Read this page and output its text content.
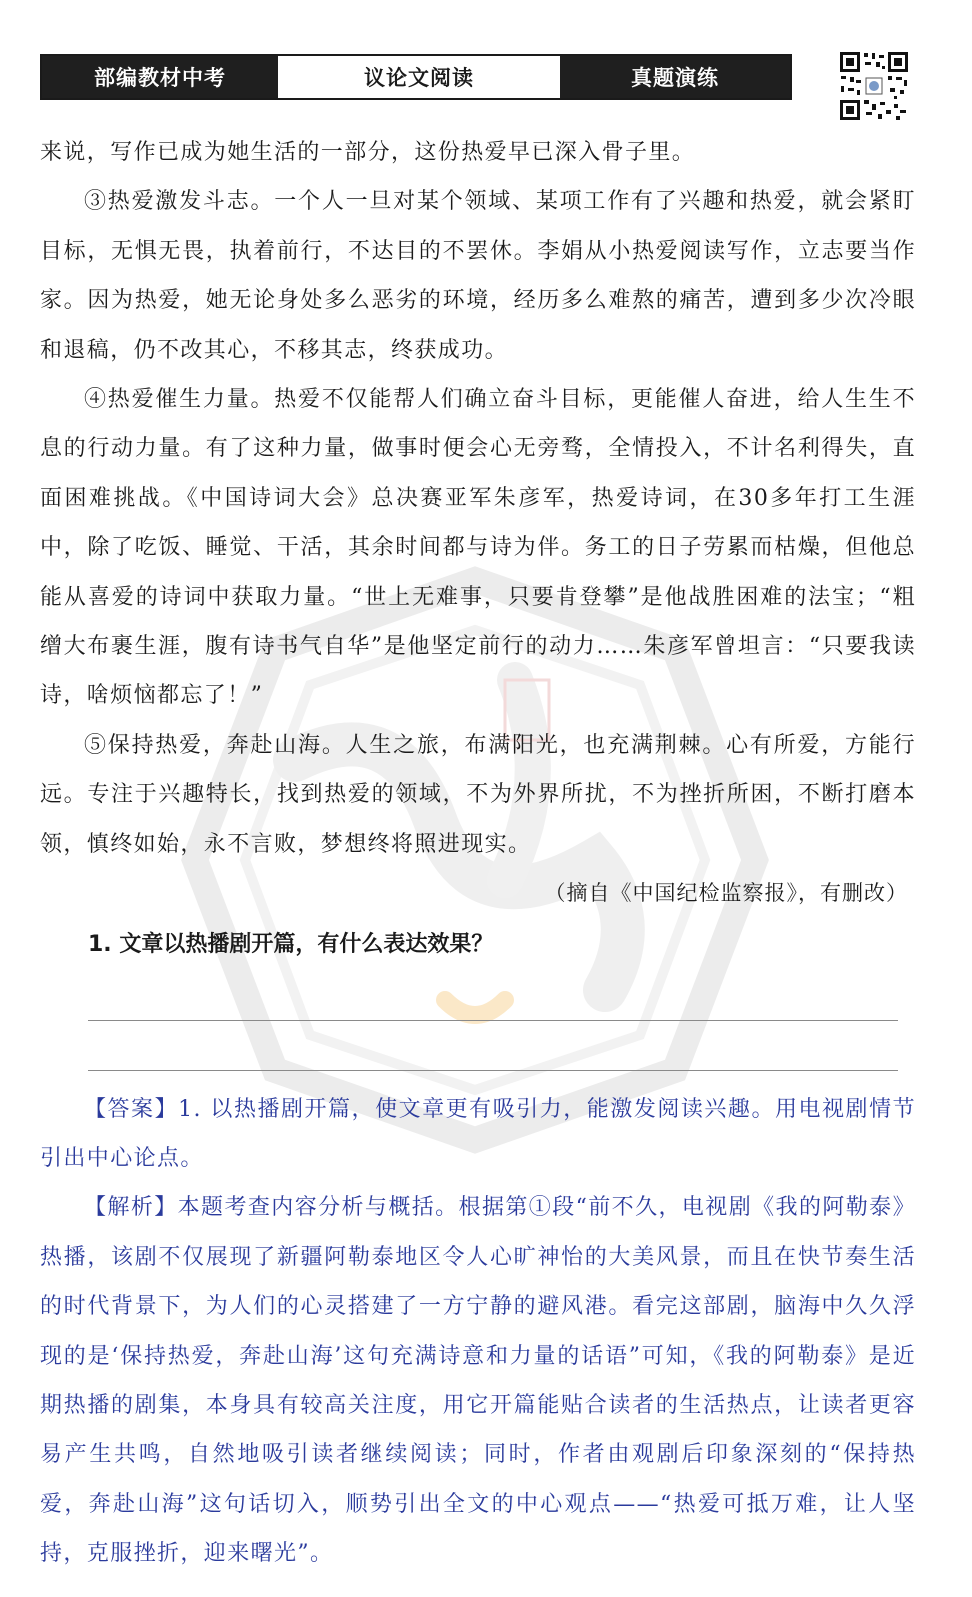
部编教材中考	议论文阅读	真题演练

来说，写作已成为她生活的一部分，这份热爱早已深入骨子里。

③热爱激发斗志。一个人一旦对某个领域、某项工作有了兴趣和热爱，就会紧盯目标，无惧无畏，执着前行，不达目的不罢休。李娟从小热爱阅读写作，立志要当作家。因为热爱，她无论身处多么恶劣的环境，经历多么难熬的痛苦，遭到多少次冷眼和退稿，仍不改其心，不移其志，终获成功。

④热爱催生力量。热爱不仅能帮人们确立奋斗目标，更能催人奋进，给人生生不息的行动力量。有了这种力量，做事时便会心无旁骛，全情投入，不计名利得失，直面困难挑战。《中国诗词大会》总决赛亚军朱彦军，热爱诗词，在30多年打工生涯中，除了吃饭、睡觉、干活，其余时间都与诗为伴。务工的日子劳累而枯燥，但他总能从喜爱的诗词中获取力量。“世上无难事，只要肯登攀”是他战胜困难的法宝；“粗缯大布裹生涯，腹有诗书气自华”是他坚定前行的动力……朱彦军曾坦言：“只要我读诗，啥烦恼都忘了！”

⑤保持热爱，奔赴山海。人生之旅，布满阳光，也充满荆棘。心有所爱，方能行远。专注于兴趣特长，找到热爱的领域，不为外界所扰，不为挫折所困，不断打磨本领，慎终如始，永不言败，梦想终将照进现实。

（摘自《中国纪检监察报》，有删改）

1. 文章以热播剧开篇，有什么表达效果？

【答案】1. 以热播剧开篇，使文章更有吸引力，能激发阅读兴趣。用电视剧情节引出中心论点。

【解析】本题考查内容分析与概括。根据第①段“前不久，电视剧《我的阿勒泰》热播，该剧不仅展现了新疆阿勒泰地区令人心旷神怡的大美风景，而且在快节奏生活的时代背景下，为人们的心灵搭建了一方宁静的避风港。看完这部剧，脑海中久久浮现的是‘保持热爱，奔赴山海’这句充满诗意和力量的话语”可知，《我的阿勒泰》是近期热播的剧集，本身具有较高关注度，用它开篇能贴合读者的生活热点，让读者更容易产生共鸣，自然地吸引读者继续阅读；同时，作者由观剧后印象深刻的“保持热爱，奔赴山海”这句话切入，顺势引出全文的中心观点——“热爱可抵万难，让人坚持，克服挫折，迎来曙光”。
